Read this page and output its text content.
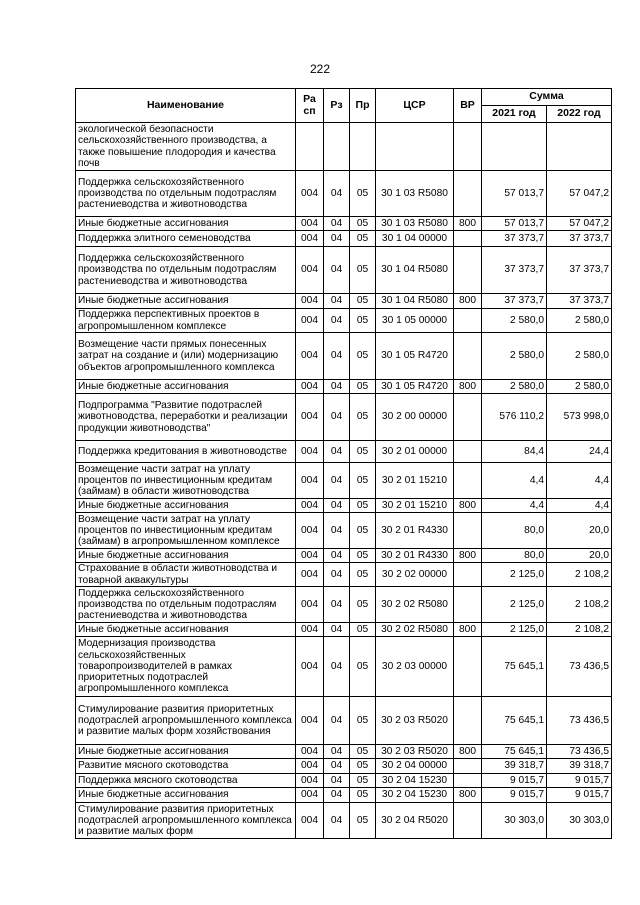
222
Наименование	Ра сп	Рз	Пр	ЦСР	ВР	Сумма	
						2021 год	2022 год
экологической безопасности сельскохозяйственного производства, а также повышение плодородия и качества почв							
Поддержка сельскохозяйственного производства по отдельным подотраслям растениеводства и животноводства	004	04	05	30 1 03 R5080		57 013,7	57 047,2
Иные бюджетные ассигнования	004	04	05	30 1 03 R5080	800	57 013,7	57 047,2
Поддержка элитного семеноводства	004	04	05	30 1 04 00000		37 373,7	37 373,7
Поддержка сельскохозяйственного производства по отдельным подотраслям растениеводства и животноводства	004	04	05	30 1 04 R5080		37 373,7	37 373,7
Иные бюджетные ассигнования	004	04	05	30 1 04 R5080	800	37 373,7	37 373,7
Поддержка перспективных проектов в агропромышленном комплексе	004	04	05	30 1 05 00000		2 580,0	2 580,0
Возмещение части прямых понесенных затрат на создание и (или) модернизацию объектов агропромышленного комплекса	004	04	05	30 1 05 R4720		2 580,0	2 580,0
Иные бюджетные ассигнования	004	04	05	30 1 05 R4720	800	2 580,0	2 580,0
Подпрограмма "Развитие подотраслей животноводства, переработки и реализации продукции животноводства"	004	04	05	30 2 00 00000		576 110,2	573 998,0
Поддержка кредитования в животноводстве	004	04	05	30 2 01 00000		84,4	24,4
Возмещение части затрат на уплату процентов по инвестиционным кредитам (займам) в области животноводства	004	04	05	30 2 01 15210		4,4	4,4
Иные бюджетные ассигнования	004	04	05	30 2 01 15210	800	4,4	4,4
Возмещение части затрат на уплату процентов по инвестиционным кредитам (займам) в агропромышленном комплексе	004	04	05	30 2 01 R4330		80,0	20,0
Иные бюджетные ассигнования	004	04	05	30 2 01 R4330	800	80,0	20,0
Страхование в области животноводства и товарной аквакультуры	004	04	05	30 2 02 00000		2 125,0	2 108,2
Поддержка сельскохозяйственного производства по отдельным подотраслям растениеводства и животноводства	004	04	05	30 2 02 R5080		2 125,0	2 108,2
Иные бюджетные ассигнования	004	04	05	30 2 02 R5080	800	2 125,0	2 108,2
Модернизация производства сельскохозяйственных товаропроизводителей в рамках приоритетных подотраслей агропромышленного комплекса	004	04	05	30 2 03 00000		75 645,1	73 436,5
Стимулирование развития приоритетных подотраслей агропромышленного комплекса и развитие малых форм хозяйствования	004	04	05	30 2 03 R5020		75 645,1	73 436,5
Иные бюджетные ассигнования	004	04	05	30 2 03 R5020	800	75 645,1	73 436,5
Развитие мясного скотоводства	004	04	05	30 2 04 00000		39 318,7	39 318,7
Поддержка мясного скотоводства	004	04	05	30 2 04 15230		9 015,7	9 015,7
Иные бюджетные ассигнования	004	04	05	30 2 04 15230	800	9 015,7	9 015,7
Стимулирование развития приоритетных подотраслей агропромышленного комплекса и развитие малых форм	004	04	05	30 2 04 R5020		30 303,0	30 303,0
